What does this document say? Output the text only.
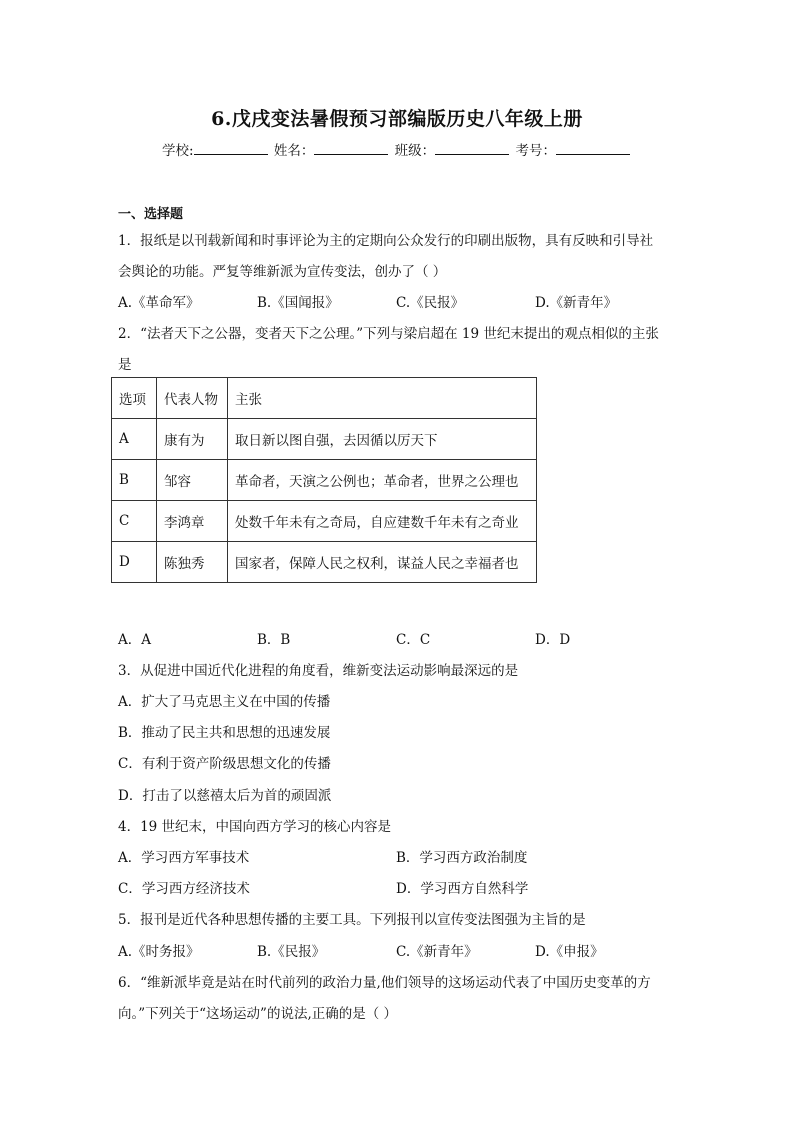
6.戊戌变法暑假预习部编版历史八年级上册
学校:	姓名：	班级：	考号：
一、选择题
1．报纸是以刊载新闻和时事评论为主的定期向公众发行的印刷出版物，具有反映和引导社
会舆论的功能。严复等维新派为宣传变法，创办了（ ）
A.《革命军》	B.《国闻报》	C.《民报》	D.《新青年》
2．“法者天下之公器，变者天下之公理。”下列与梁启超在 19 世纪末提出的观点相似的主张
是
选项	代表人物	主张
A	康有为	取日新以图自强，去因循以厉天下
B	邹容	革命者，天演之公例也；革命者，世界之公理也
C	李鸿章	处数千年未有之奇局，自应建数千年未有之奇业
D	陈独秀	国家者，保障人民之权利，谋益人民之幸福者也
A．A	B．B	C．C	D．D
3．从促进中国近代化进程的角度看，维新变法运动影响最深远的是
A．扩大了马克思主义在中国的传播
B．推动了民主共和思想的迅速发展
C．有利于资产阶级思想文化的传播
D．打击了以慈禧太后为首的顽固派
4．19 世纪末，中国向西方学习的核心内容是
A．学习西方军事技术	B．学习西方政治制度
C．学习西方经济技术	D．学习西方自然科学
5．报刊是近代各种思想传播的主要工具。下列报刊以宣传变法图强为主旨的是
A.《时务报》	B.《民报》	C.《新青年》	D.《申报》
6．“维新派毕竟是站在时代前列的政治力量,他们领导的这场运动代表了中国历史变革的方
向。”下列关于“这场运动”的说法,正确的是（ ）
